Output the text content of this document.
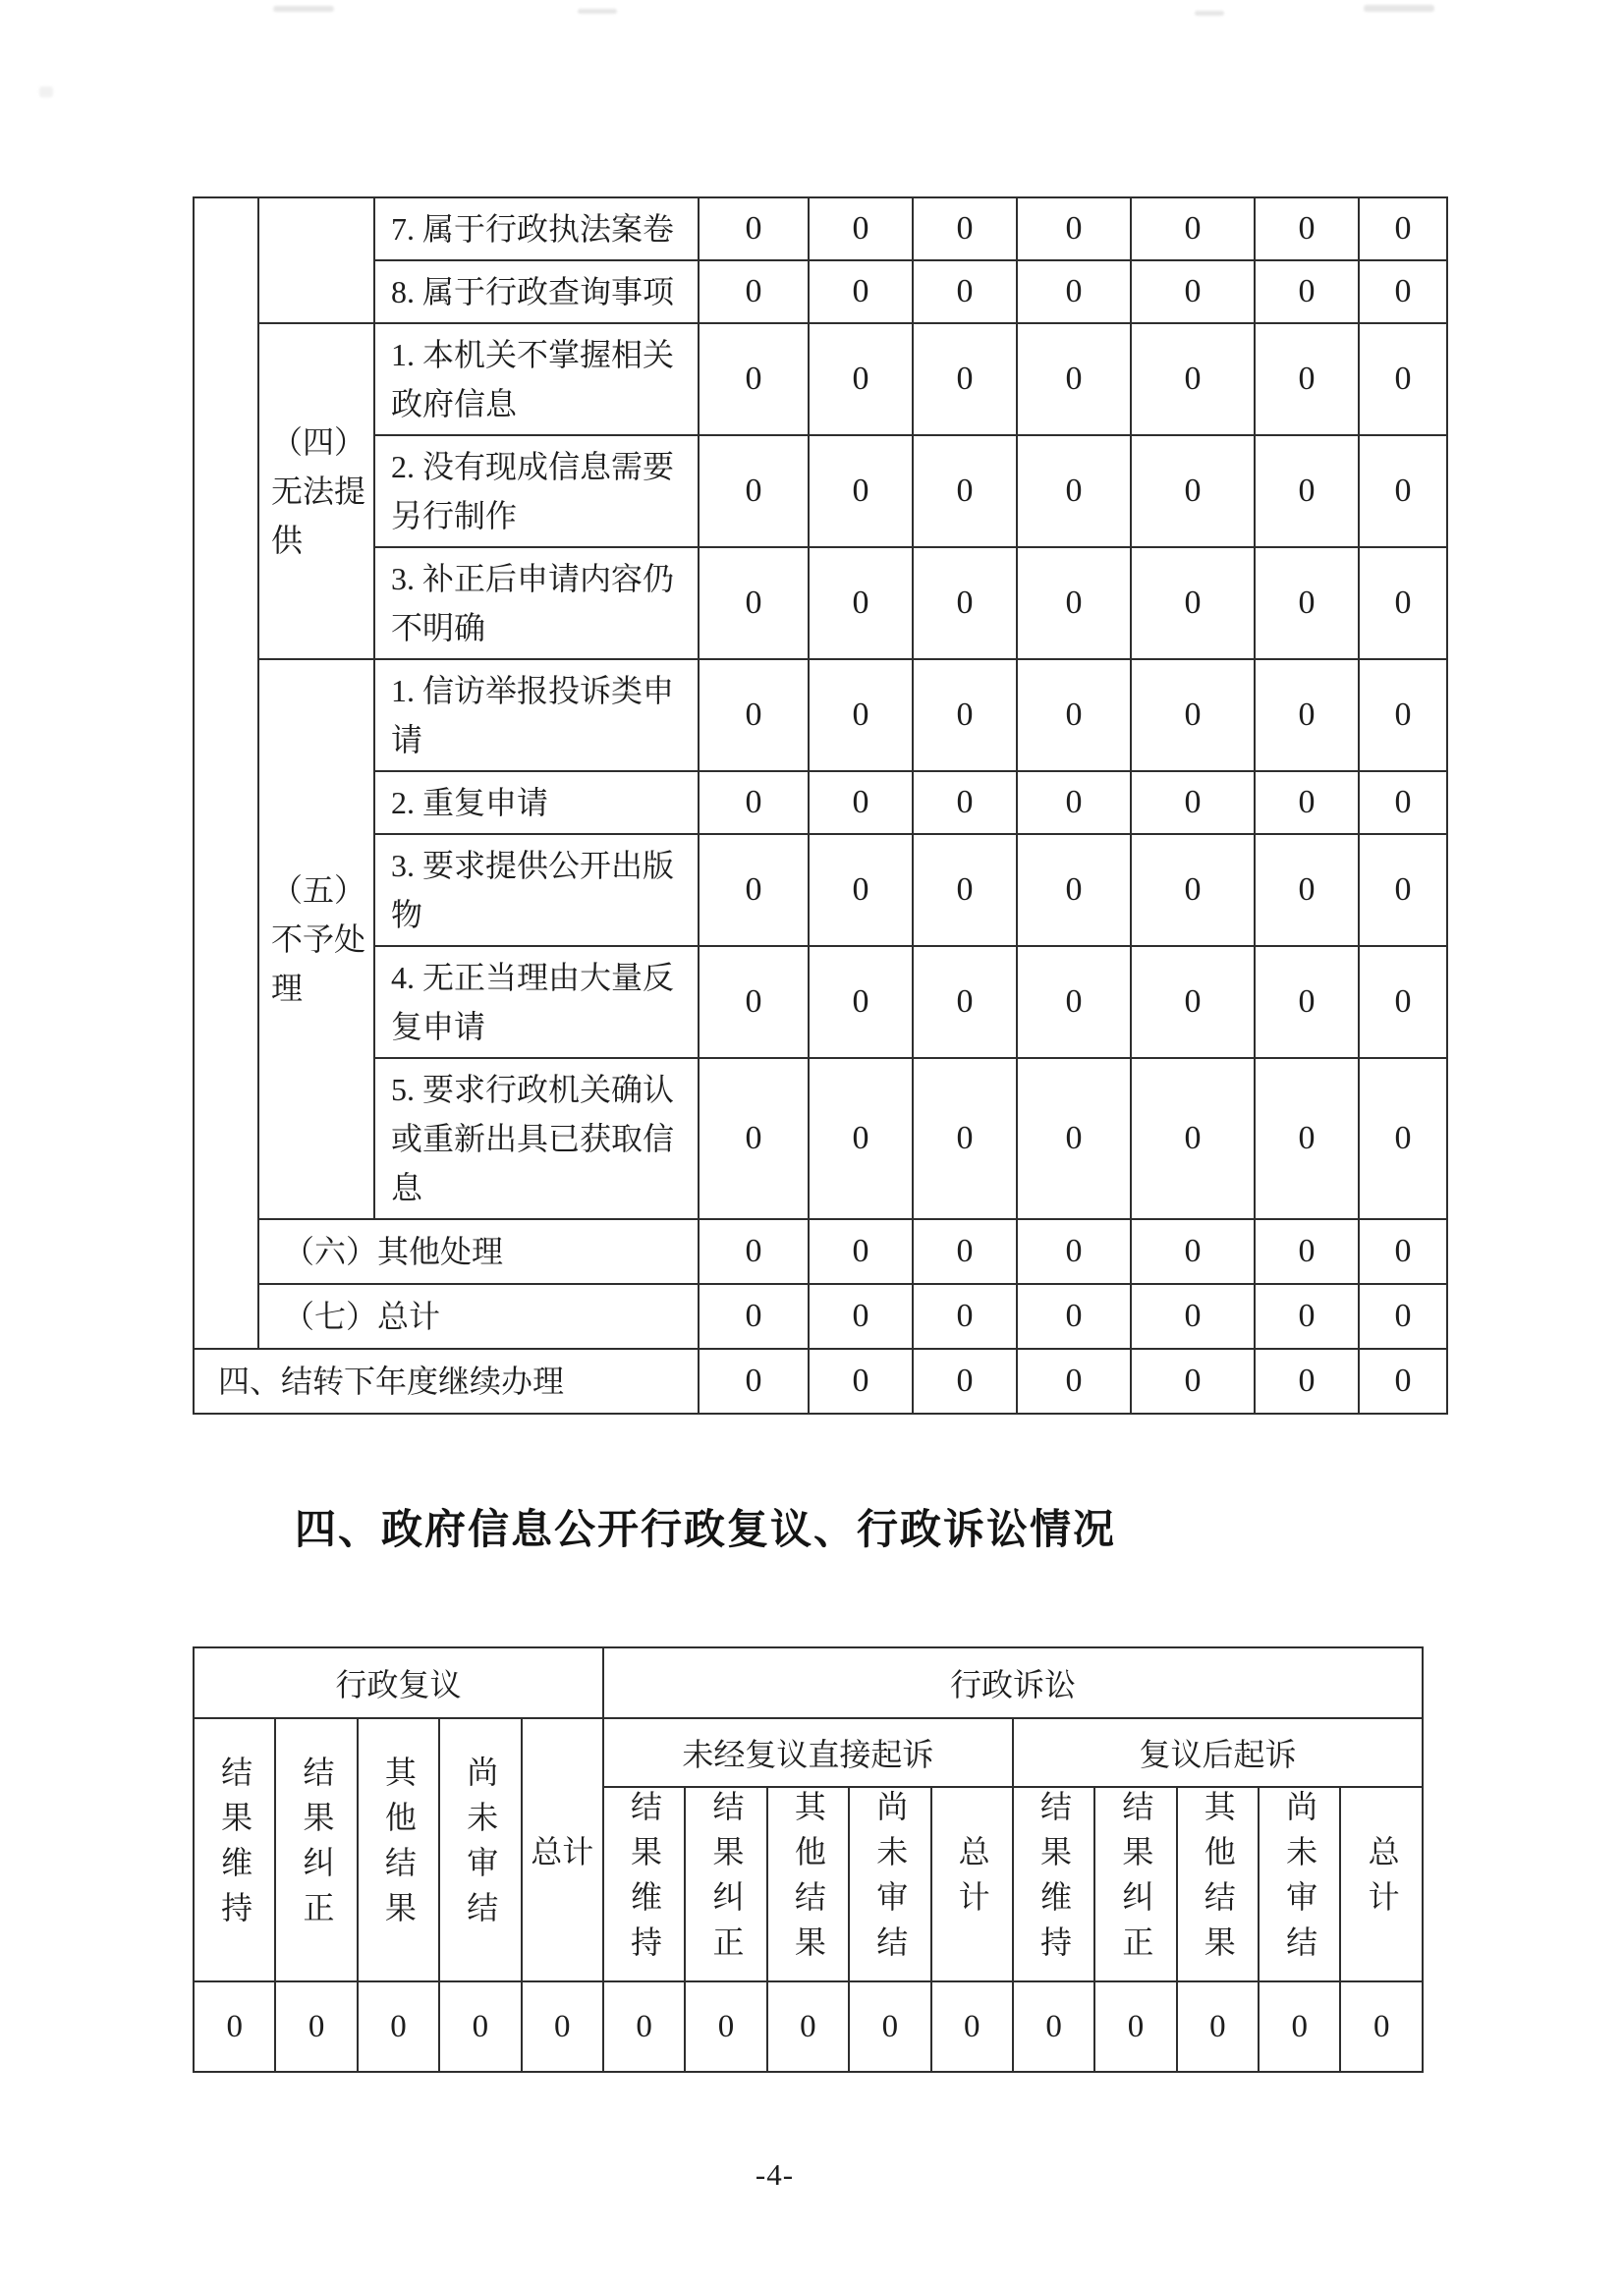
		7. 属于行政执法案卷	0	0	0	0	0	0	0
		8. 属于行政查询事项	0	0	0	0	0	0	0
	（四）无法提供	1. 本机关不掌握相关政府信息	0	0	0	0	0	0	0
		2. 没有现成信息需要另行制作	0	0	0	0	0	0	0
		3. 补正后申请内容仍不明确	0	0	0	0	0	0	0
	（五）不予处理	1. 信访举报投诉类申请	0	0	0	0	0	0	0
		2. 重复申请	0	0	0	0	0	0	0
		3. 要求提供公开出版物	0	0	0	0	0	0	0
		4. 无正当理由大量反复申请	0	0	0	0	0	0	0
		5. 要求行政机关确认或重新出具已获取信息	0	0	0	0	0	0	0
	（六）其他处理		0	0	0	0	0	0	0
	（七）总计		0	0	0	0	0	0	0
四、结转下年度继续办理			0	0	0	0	0	0	0
四、政府信息公开行政复议、行政诉讼情况
行政复议					行政诉讼									
结果维持	结果纠正	其他结果	尚未审结	总计	未经复议直接起诉					复议后起诉				
					结果维持	结果纠正	其他结果	尚未审结	总计	结果维持	结果纠正	其他结果	尚未审结	总计
0	0	0	0	0	0	0	0	0	0	0	0	0	0	0
-4-
